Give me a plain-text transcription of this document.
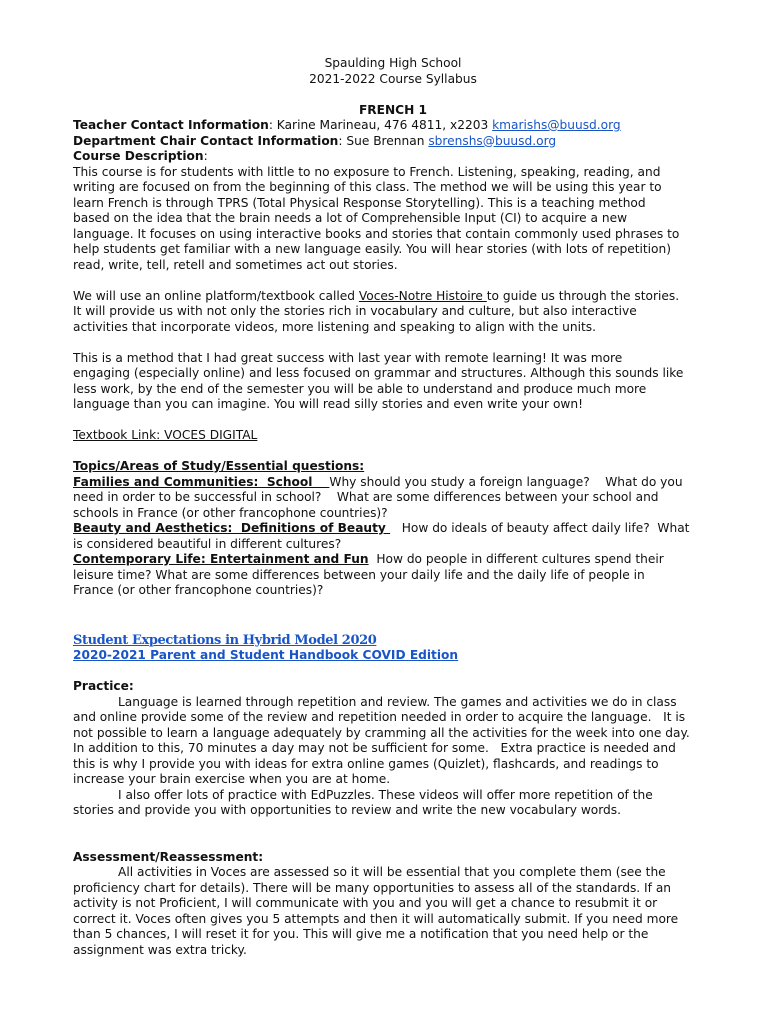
Spaulding High School
2021-2022 Course Syllabus
FRENCH 1
Teacher Contact Information: Karine Marineau, 476 4811, x2203 kmarishs@buusd.org
Department Chair Contact Information: Sue Brennan sbrenshs@buusd.org
Course Description:
This course is for students with little to no exposure to French. Listening, speaking, reading, and
writing are focused on from the beginning of this class. The method we will be using this year to
learn French is through TPRS (Total Physical Response Storytelling). This is a teaching method
based on the idea that the brain needs a lot of Comprehensible Input (CI) to acquire a new
language. It focuses on using interactive books and stories that contain commonly used phrases to
help students get familiar with a new language easily. You will hear stories (with lots of repetition)
read, write, tell, retell and sometimes act out stories.
We will use an online platform/textbook called Voces-Notre Histoire to guide us through the stories.
It will provide us with not only the stories rich in vocabulary and culture, but also interactive
activities that incorporate videos, more listening and speaking to align with the units.
This is a method that I had great success with last year with remote learning! It was more
engaging (especially online) and less focused on grammar and structures. Although this sounds like
less work, by the end of the semester you will be able to understand and produce much more
language than you can imagine. You will read silly stories and even write your own!
Textbook Link: VOCES DIGITAL
Topics/Areas of Study/Essential questions:
Families and Communities:  School    Why should you study a foreign language?    What do you
need in order to be successful in school?    What are some differences between your school and
schools in France (or other francophone countries)?
Beauty and Aesthetics:  Definitions of Beauty    How do ideals of beauty affect daily life?  What
is considered beautiful in different cultures?
Contemporary Life: Entertainment and Fun  How do people in different cultures spend their
leisure time? What are some differences between your daily life and the daily life of people in
France (or other francophone countries)?
Student Expectations in Hybrid Model 2020
2020-2021 Parent and Student Handbook COVID Edition
Practice:
Language is learned through repetition and review. The games and activities we do in class
and online provide some of the review and repetition needed in order to acquire the language.   It is
not possible to learn a language adequately by cramming all the activities for the week into one day.
In addition to this, 70 minutes a day may not be sufficient for some.   Extra practice is needed and
this is why I provide you with ideas for extra online games (Quizlet), flashcards, and readings to
increase your brain exercise when you are at home.
I also offer lots of practice with EdPuzzles. These videos will offer more repetition of the
stories and provide you with opportunities to review and write the new vocabulary words.
Assessment/Reassessment:
All activities in Voces are assessed so it will be essential that you complete them (see the
proficiency chart for details). There will be many opportunities to assess all of the standards. If an
activity is not Proficient, I will communicate with you and you will get a chance to resubmit it or
correct it. Voces often gives you 5 attempts and then it will automatically submit. If you need more
than 5 chances, I will reset it for you. This will give me a notification that you need help or the
assignment was extra tricky.
